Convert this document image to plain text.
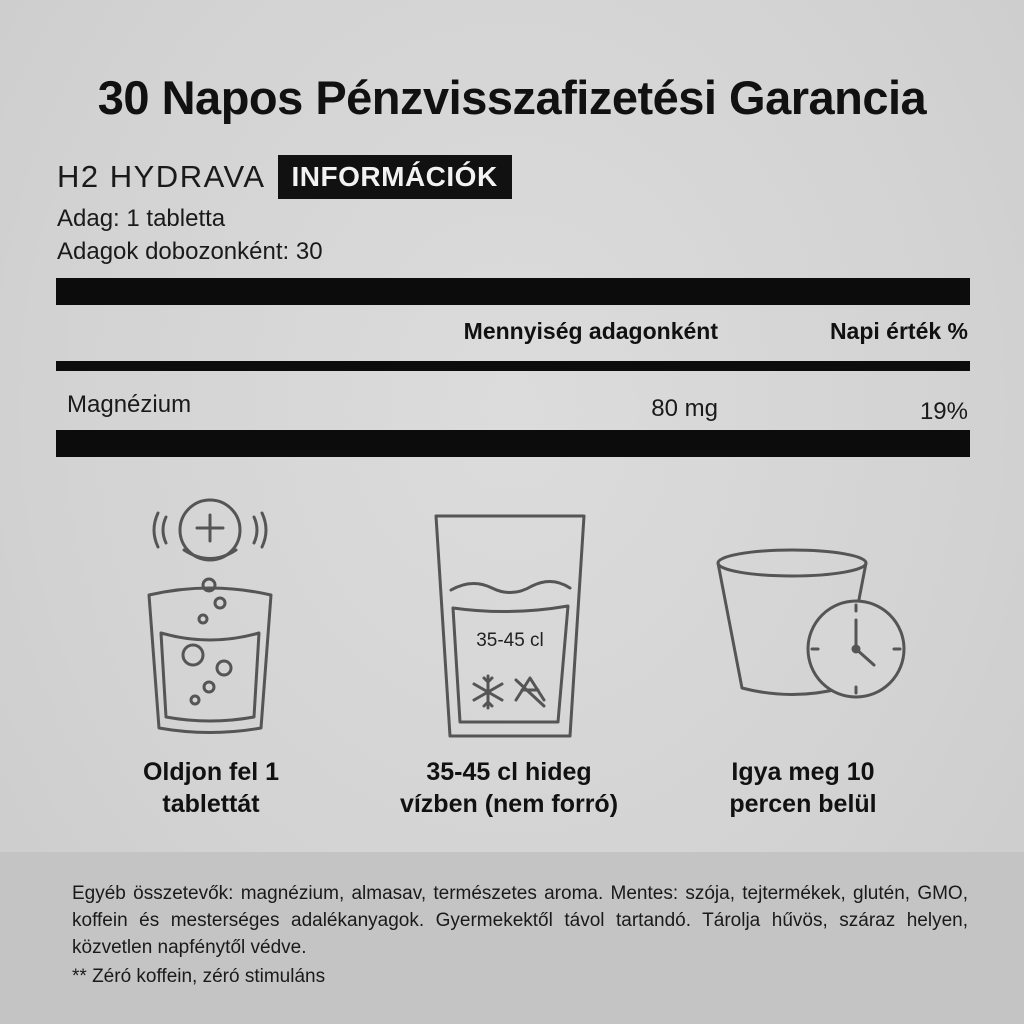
30 Napos Pénzvisszafizetési Garancia
H2 HYDRAVA INFORMÁCIÓK
Adag: 1 tabletta
Adagok dobozonként: 30
Mennyiség adagonként	Napi érték %
Magnézium	80 mg	19%
35-45 cl
Oldjon fel 1
tablettát
35-45 cl hideg
vízben (nem forró)
Igya meg 10
percen belül
Egyéb összetevők: magnézium, almasav, természetes aroma. Mentes: szója, tejtermékek, glutén, GMO, koffein és mesterséges adalékanyagok. Gyermekektől távol tartandó. Tárolja hűvös, száraz helyen, közvetlen napfénytől védve.
** Zéró koffein, zéró stimuláns
